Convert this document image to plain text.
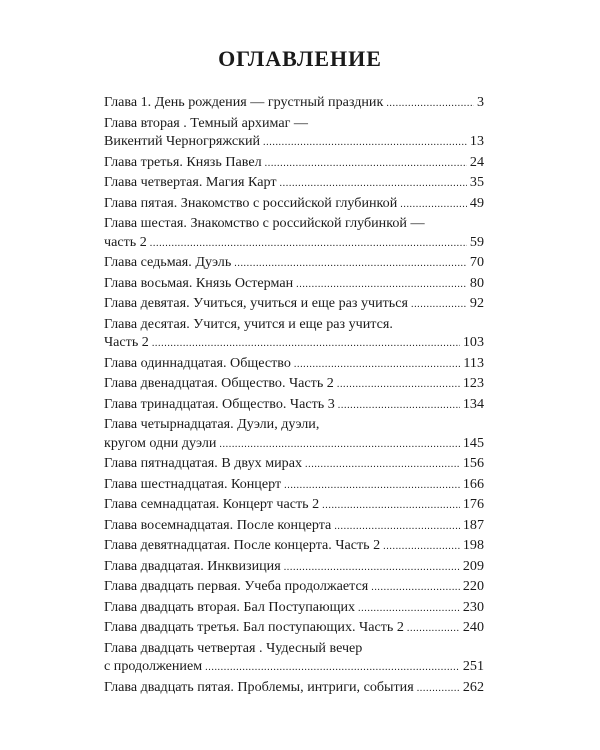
ОГЛАВЛЕНИЕ
Глава 1. День рождения — грустный праздник .....	3
Глава вторая . Темный архимаг —
Викентий Черногряжский .....	13
Глава третья. Князь Павел .....	24
Глава четвертая. Магия Карт .....	35
Глава пятая. Знакомство с российской глубинкой .....	49
Глава шестая. Знакомство с российской глубинкой —
часть 2 .....	59
Глава седьмая. Дуэль .....	70
Глава восьмая. Князь Остерман .....	80
Глава девятая. Учиться, учиться и еще раз учиться .....	92
Глава десятая. Учится, учится и еще раз учится.
Часть 2 .....	103
Глава одиннадцатая. Общество .....	113
Глава двенадцатая. Общество. Часть 2 .....	123
Глава тринадцатая. Общество. Часть 3 .....	134
Глава четырнадцатая. Дуэли, дуэли,
кругом одни дуэли .....	145
Глава пятнадцатая. В двух мирах .....	156
Глава шестнадцатая. Концерт .....	166
Глава семнадцатая. Концерт часть 2 .....	176
Глава восемнадцатая. После концерта .....	187
Глава девятнадцатая. После концерта. Часть 2 .....	198
Глава двадцатая. Инквизиция .....	209
Глава двадцать первая. Учеба продолжается .....	220
Глава двадцать вторая. Бал Поступающих .....	230
Глава двадцать третья. Бал поступающих. Часть 2 .....	240
Глава двадцать четвертая . Чудесный вечер
с продолжением .....	251
Глава двадцать пятая. Проблемы, интриги, события .....	262
